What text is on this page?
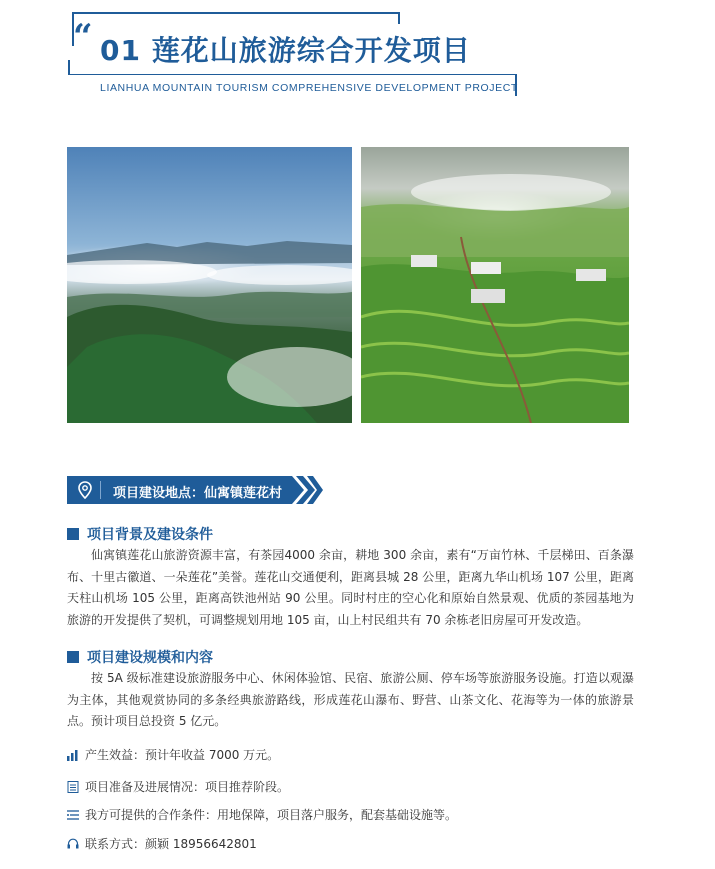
“ 01 莲花山旅游综合开发项目
LIANHUA MOUNTAIN TOURISM COMPREHENSIVE DEVELOPMENT PROJECT
项目建设地点：仙寓镇莲花村
项目背景及建设条件
仙寓镇莲花山旅游资源丰富，有茶园4000 余亩，耕地 300 余亩，素有“万亩竹林、千层梯田、百条瀑布、十里古徽道、一朵莲花”美誉。莲花山交通便利，距离县城 28 公里，距离九华山机场 107 公里，距离天柱山机场 105 公里，距离高铁池州站 90 公里。同时村庄的空心化和原始自然景观、优质的茶园基地为旅游的开发提供了契机，可调整规划用地 105 亩，山上村民组共有 70 余栋老旧房屋可开发改造。
项目建设规模和内容
按 5A 级标准建设旅游服务中心、休闲体验馆、民宿、旅游公厕、停车场等旅游服务设施。打造以观瀑为主体，其他观赏协同的多条经典旅游路线，形成莲花山瀑布、野营、山茶文化、花海等为一体的旅游景点。预计项目总投资 5 亿元。
产生效益：预计年收益 7000 万元。
项目准备及进展情况：项目推荐阶段。
我方可提供的合作条件：用地保障，项目落户服务，配套基础设施等。
联系方式：颜颖 18956642801
